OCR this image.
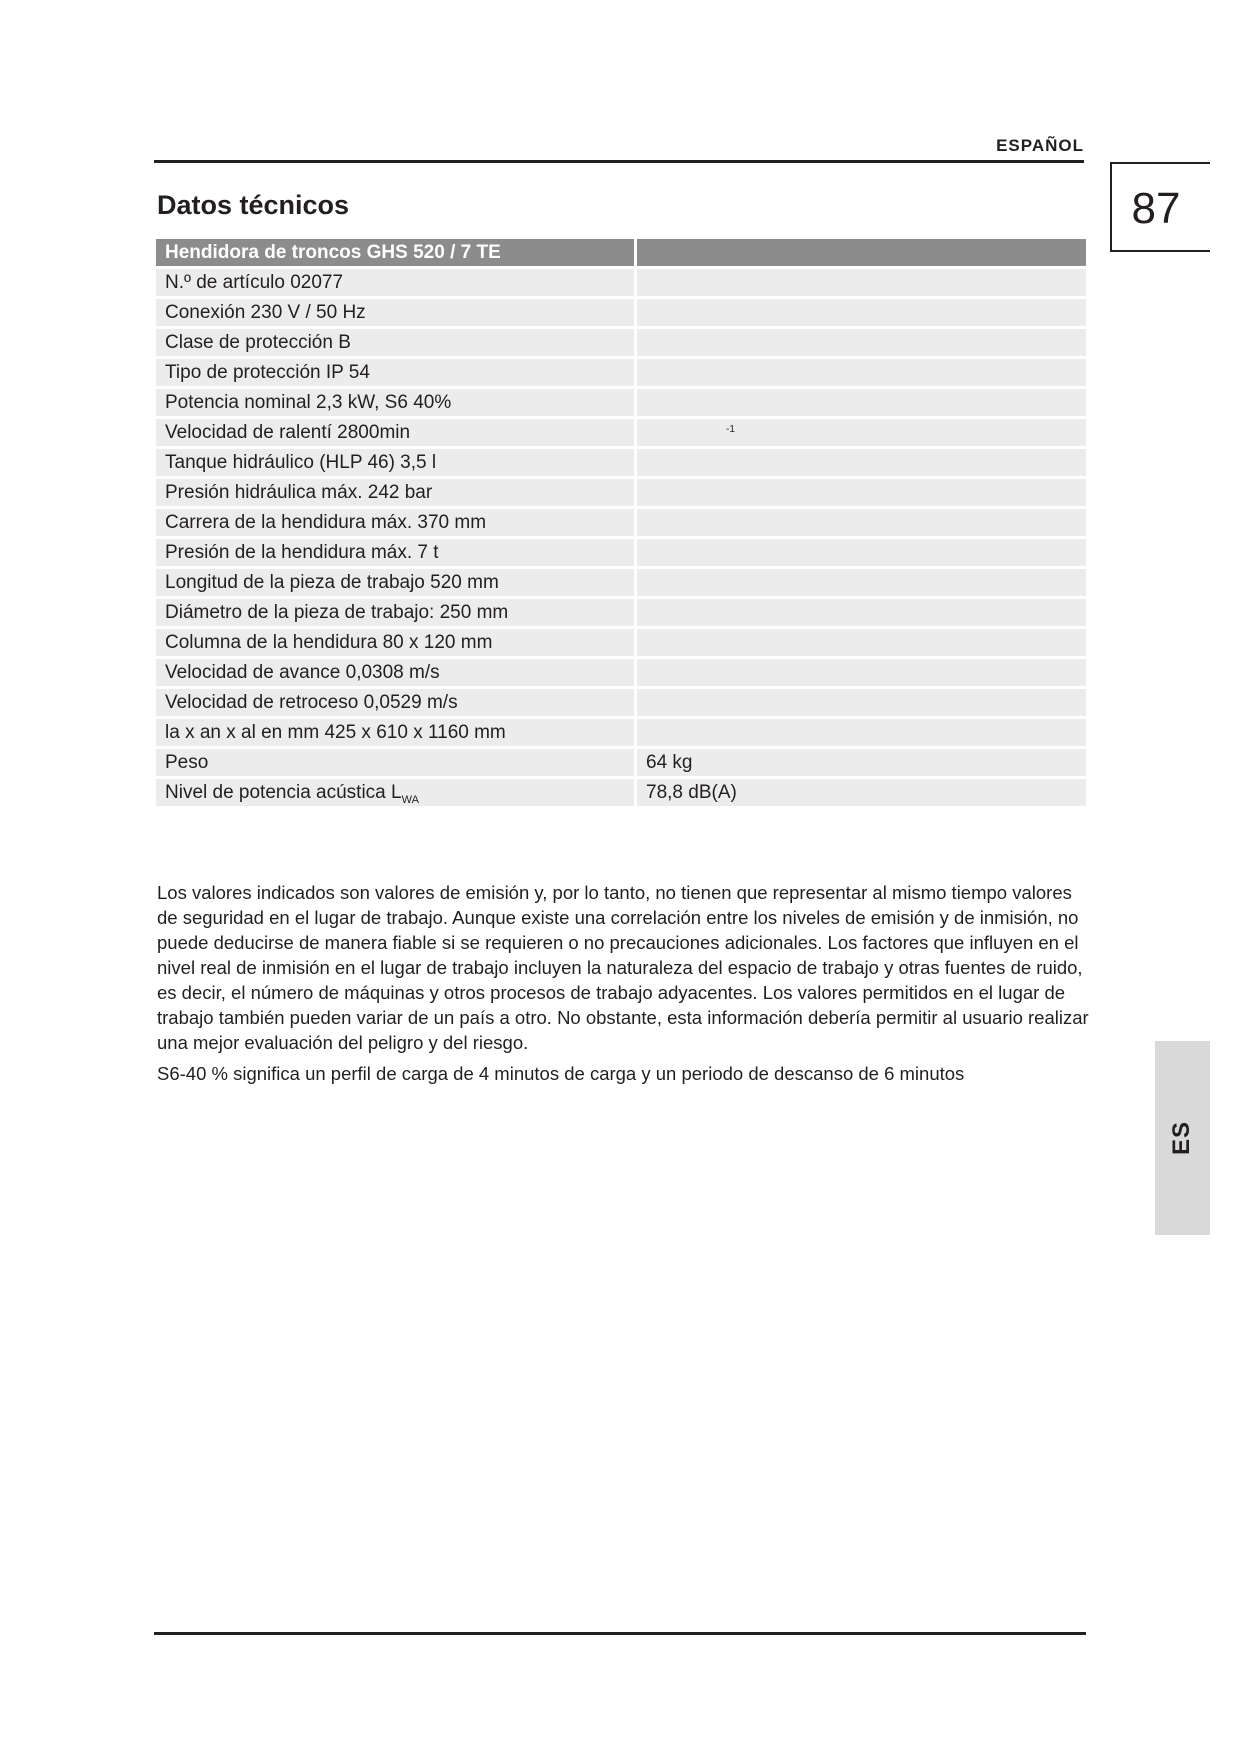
ESPAÑOL
87
Datos técnicos
Hendidora de troncos GHS 520 / 7 TE	
N.º de artículo 02077	
Conexión 230 V / 50 Hz	
Clase de protección B	
Tipo de protección IP 54	
Potencia nominal 2,3 kW, S6 40%	
Velocidad de ralentí 2800min	$^{-1}$
Tanque hidráulico (HLP 46) 3,5 l	
Presión hidráulica máx. 242 bar	
Carrera de la hendidura máx. 370 mm	
Presión de la hendidura máx. 7 t	
Longitud de la pieza de trabajo 520 mm	
Diámetro de la pieza de trabajo: 250 mm	
Columna de la hendidura 80 x 120 mm	
Velocidad de avance 0,0308 m/s	
Velocidad de retroceso 0,0529 m/s	
la x an x al en mm 425 x 610 x 1160 mm	
Peso	64 kg
Nivel de potencia acústica $L_{WA}$	78,8 dB(A)

Los valores indicados son valores de emisión y, por lo tanto, no tienen que representar al mismo tiempo valores de seguridad en el lugar de trabajo. Aunque existe una correlación entre los niveles de emisión y de inmisión, no puede deducirse de manera fiable si se requieren o no precauciones adicionales. Los factores que influyen en el nivel real de inmisión en el lugar de trabajo incluyen la naturaleza del espacio de trabajo y otras fuentes de ruido, es decir, el número de máquinas y otros procesos de trabajo adyacentes. Los valores permitidos en el lugar de trabajo también pueden variar de un país a otro. No obstante, esta información debería permitir al usuario realizar una mejor evaluación del peligro y del riesgo.

S6-40 % significa un perfil de carga de 4 minutos de carga y un periodo de descanso de 6 minutos

ES
